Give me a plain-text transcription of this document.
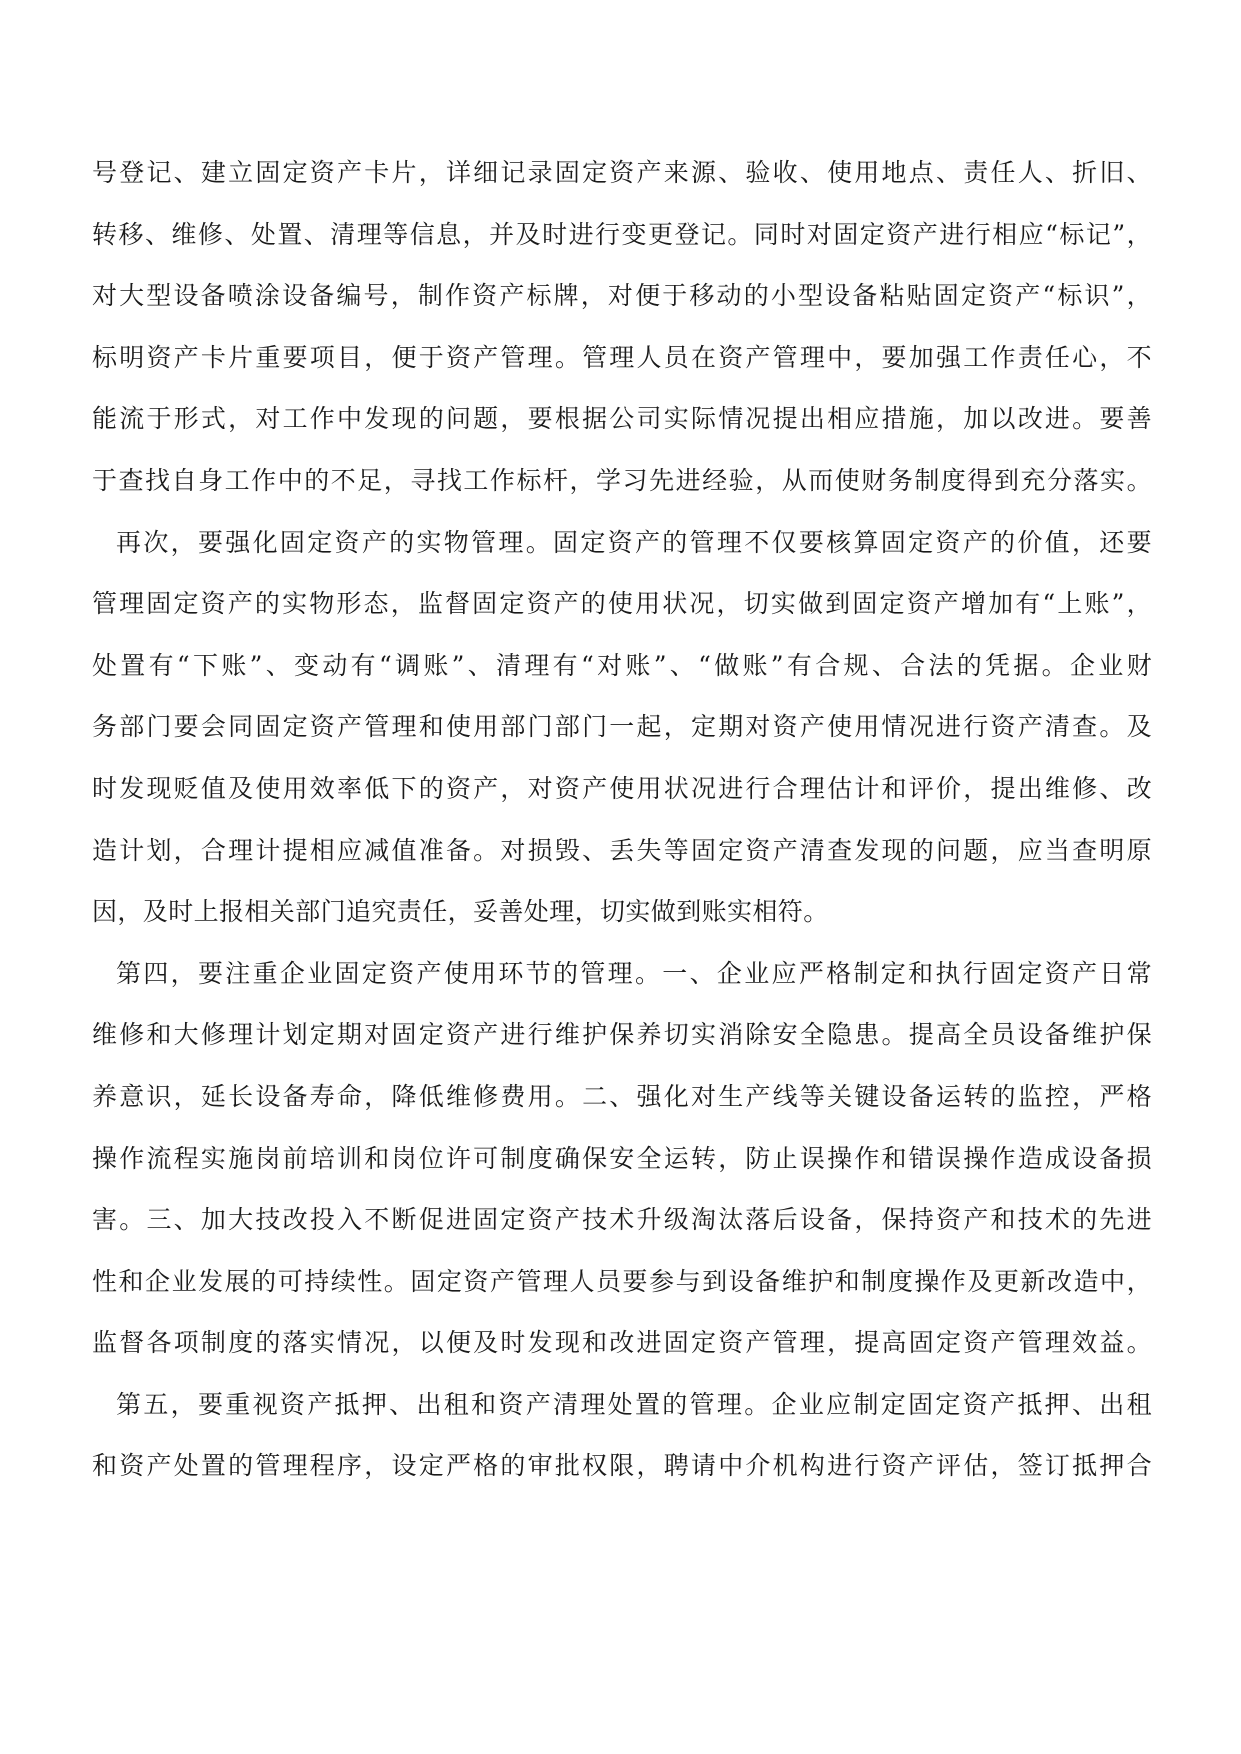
号登记、建立固定资产卡片，详细记录固定资产来源、验收、使用地点、责任人、折旧、
转移、维修、处置、清理等信息，并及时进行变更登记。同时对固定资产进行相应“标记”，
对大型设备喷涂设备编号，制作资产标牌，对便于移动的小型设备粘贴固定资产“标识”，
标明资产卡片重要项目，便于资产管理。管理人员在资产管理中，要加强工作责任心，不
能流于形式，对工作中发现的问题，要根据公司实际情况提出相应措施，加以改进。要善
于查找自身工作中的不足，寻找工作标杆，学习先进经验，从而使财务制度得到充分落实。
再次，要强化固定资产的实物管理。固定资产的管理不仅要核算固定资产的价值，还要
管理固定资产的实物形态，监督固定资产的使用状况，切实做到固定资产增加有“上账”，
处置有“下账”、变动有“调账”、清理有“对账”、“做账”有合规、合法的凭据。企业财
务部门要会同固定资产管理和使用部门部门一起，定期对资产使用情况进行资产清查。及
时发现贬值及使用效率低下的资产，对资产使用状况进行合理估计和评价，提出维修、改
造计划，合理计提相应减值准备。对损毁、丢失等固定资产清查发现的问题，应当查明原
因，及时上报相关部门追究责任，妥善处理，切实做到账实相符。
第四，要注重企业固定资产使用环节的管理。一、企业应严格制定和执行固定资产日常
维修和大修理计划定期对固定资产进行维护保养切实消除安全隐患。提高全员设备维护保
养意识，延长设备寿命，降低维修费用。二、强化对生产线等关键设备运转的监控，严格
操作流程实施岗前培训和岗位许可制度确保安全运转，防止误操作和错误操作造成设备损
害。三、加大技改投入不断促进固定资产技术升级淘汰落后设备，保持资产和技术的先进
性和企业发展的可持续性。固定资产管理人员要参与到设备维护和制度操作及更新改造中，
监督各项制度的落实情况，以便及时发现和改进固定资产管理，提高固定资产管理效益。
第五，要重视资产抵押、出租和资产清理处置的管理。企业应制定固定资产抵押、出租
和资产处置的管理程序，设定严格的审批权限，聘请中介机构进行资产评估，签订抵押合
